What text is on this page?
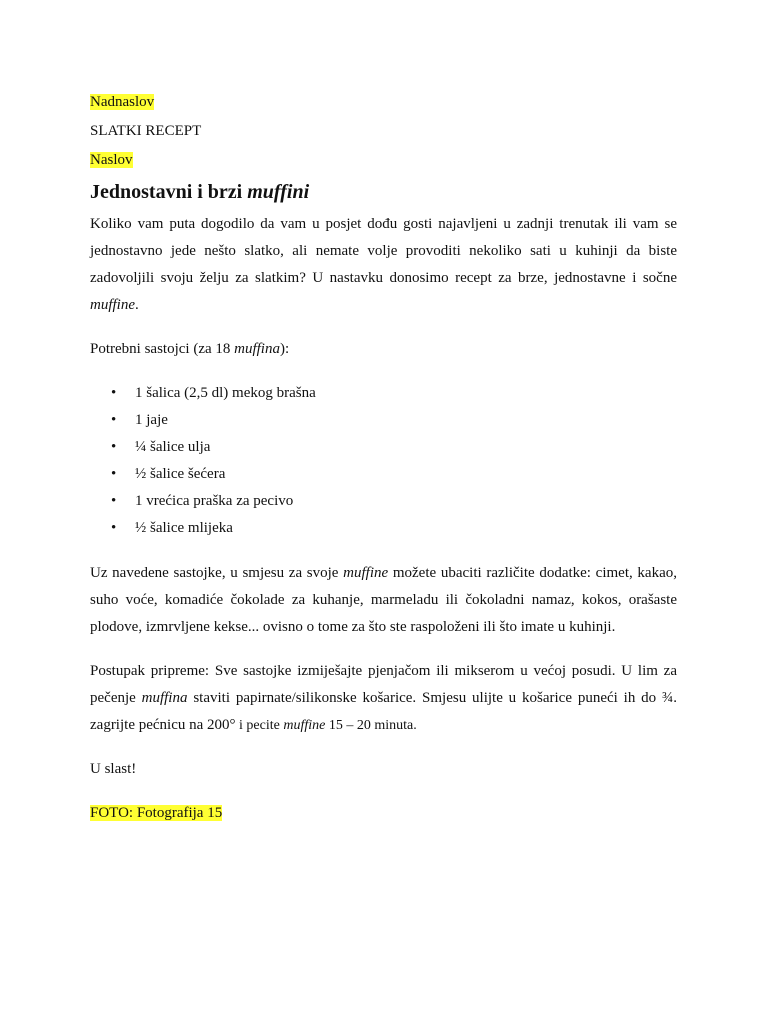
Nadnaslov
SLATKI RECEPT
Naslov
Jednostavni i brzi muffini

Koliko vam puta dogodilo da vam u posjet dođu gosti najavljeni u zadnji trenutak ili vam se jednostavno jede nešto slatko, ali nemate volje provoditi nekoliko sati u kuhinji da biste zadovoljili svoju želju za slatkim? U nastavku donosimo recept za brze, jednostavne i sočne muffine.

Potrebni sastojci (za 18 muffina):

• 1 šalica (2,5 dl) mekog brašna
• 1 jaje
• ¼ šalice ulja
• ½ šalice šećera
• 1 vrećica praška za pecivo
• ½ šalice mlijeka

Uz navedene sastojke, u smjesu za svoje muffine možete ubaciti različite dodatke: cimet, kakao, suho voće, komadiće čokolade za kuhanje, marmeladu ili čokoladni namaz, kokos, orašaste plodove, izmrvljene kekse... ovisno o tome za što ste raspoloženi ili što imate u kuhinji.

Postupak pripreme: Sve sastojke izmiješajte pjenjačom ili mikserom u većoj posudi. U lim za pečenje muffina staviti papirnate/silikonske košarice. Smjesu ulijte u košarice puneći ih do ¾. zagrijte pećnicu na 200° i pecite muffine 15 – 20 minuta.

U slast!

FOTO: Fotografija 15
